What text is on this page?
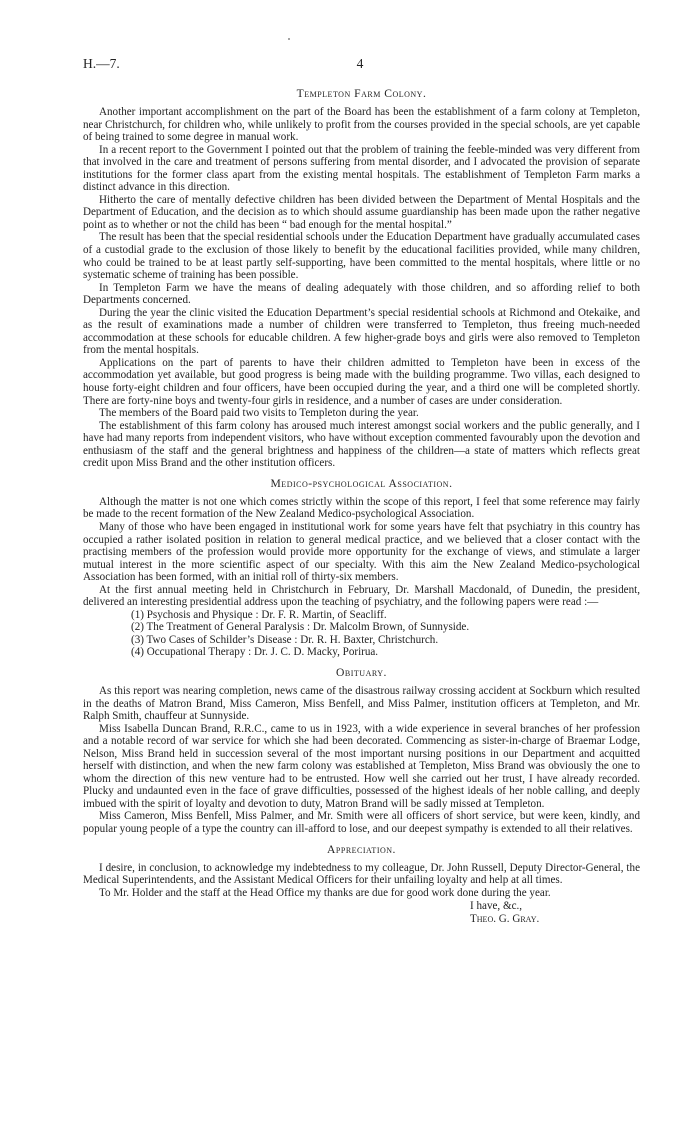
H.—7.	4
Templeton Farm Colony.

Another important accomplishment on the part of the Board has been the establishment of a farm colony at Templeton, near Christchurch, for children who, while unlikely to profit from the courses provided in the special schools, are yet capable of being trained to some degree in manual work.

In a recent report to the Government I pointed out that the problem of training the feeble-minded was very different from that involved in the care and treatment of persons suffering from mental disorder, and I advocated the provision of separate institutions for the former class apart from the existing mental hospitals. The establishment of Templeton Farm marks a distinct advance in this direction.

Hitherto the care of mentally defective children has been divided between the Department of Mental Hospitals and the Department of Education, and the decision as to which should assume guardianship has been made upon the rather negative point as to whether or not the child has been “ bad enough for the mental hospital.”

The result has been that the special residential schools under the Education Department have gradually accumulated cases of a custodial grade to the exclusion of those likely to benefit by the educational facilities provided, while many children, who could be trained to be at least partly self-supporting, have been committed to the mental hospitals, where little or no systematic scheme of training has been possible.

In Templeton Farm we have the means of dealing adequately with those children, and so affording relief to both Departments concerned.

During the year the clinic visited the Education Department’s special residential schools at Richmond and Otekaike, and as the result of examinations made a number of children were transferred to Templeton, thus freeing much-needed accommodation at these schools for educable children. A few higher-grade boys and girls were also removed to Templeton from the mental hospitals.

Applications on the part of parents to have their children admitted to Templeton have been in excess of the accommodation yet available, but good progress is being made with the building programme. Two villas, each designed to house forty-eight children and four officers, have been occupied during the year, and a third one will be completed shortly. There are forty-nine boys and twenty-four girls in residence, and a number of cases are under consideration.

The members of the Board paid two visits to Templeton during the year.

The establishment of this farm colony has aroused much interest amongst social workers and the public generally, and I have had many reports from independent visitors, who have without exception commented favourably upon the devotion and enthusiasm of the staff and the general brightness and happiness of the children—a state of matters which reflects great credit upon Miss Brand and the other institution officers.

Medico-psychological Association.

Although the matter is not one which comes strictly within the scope of this report, I feel that some reference may fairly be made to the recent formation of the New Zealand Medico-psychological Association.

Many of those who have been engaged in institutional work for some years have felt that psychiatry in this country has occupied a rather isolated position in relation to general medical practice, and we believed that a closer contact with the practising members of the profession would provide more opportunity for the exchange of views, and stimulate a larger mutual interest in the more scientific aspect of our specialty. With this aim the New Zealand Medico-psychological Association has been formed, with an initial roll of thirty-six members.

At the first annual meeting held in Christchurch in February, Dr. Marshall Macdonald, of Dunedin, the president, delivered an interesting presidential address upon the teaching of psychiatry, and the following papers were read :—

(1) Psychosis and Physique : Dr. F. R. Martin, of Seacliff.
(2) The Treatment of General Paralysis : Dr. Malcolm Brown, of Sunnyside.
(3) Two Cases of Schilder’s Disease : Dr. R. H. Baxter, Christchurch.
(4) Occupational Therapy : Dr. J. C. D. Macky, Porirua.
Obituary.

As this report was nearing completion, news came of the disastrous railway crossing accident at Sockburn which resulted in the deaths of Matron Brand, Miss Cameron, Miss Benfell, and Miss Palmer, institution officers at Templeton, and Mr. Ralph Smith, chauffeur at Sunnyside.

Miss Isabella Duncan Brand, R.R.C., came to us in 1923, with a wide experience in several branches of her profession and a notable record of war service for which she had been decorated. Commencing as sister-in-charge of Braemar Lodge, Nelson, Miss Brand held in succession several of the most important nursing positions in our Department and acquitted herself with distinction, and when the new farm colony was established at Templeton, Miss Brand was obviously the one to whom the direction of this new venture had to be entrusted. How well she carried out her trust, I have already recorded. Plucky and undaunted even in the face of grave difficulties, possessed of the highest ideals of her noble calling, and deeply imbued with the spirit of loyalty and devotion to duty, Matron Brand will be sadly missed at Templeton.

Miss Cameron, Miss Benfell, Miss Palmer, and Mr. Smith were all officers of short service, but were keen, kindly, and popular young people of a type the country can ill-afford to lose, and our deepest sympathy is extended to all their relatives.

Appreciation.

I desire, in conclusion, to acknowledge my indebtedness to my colleague, Dr. John Russell, Deputy Director-General, the Medical Superintendents, and the Assistant Medical Officers for their unfailing loyalty and help at all times.

To Mr. Holder and the staff at the Head Office my thanks are due for good work done during the year.

I have, &c.,
Theo. G. Gray.
